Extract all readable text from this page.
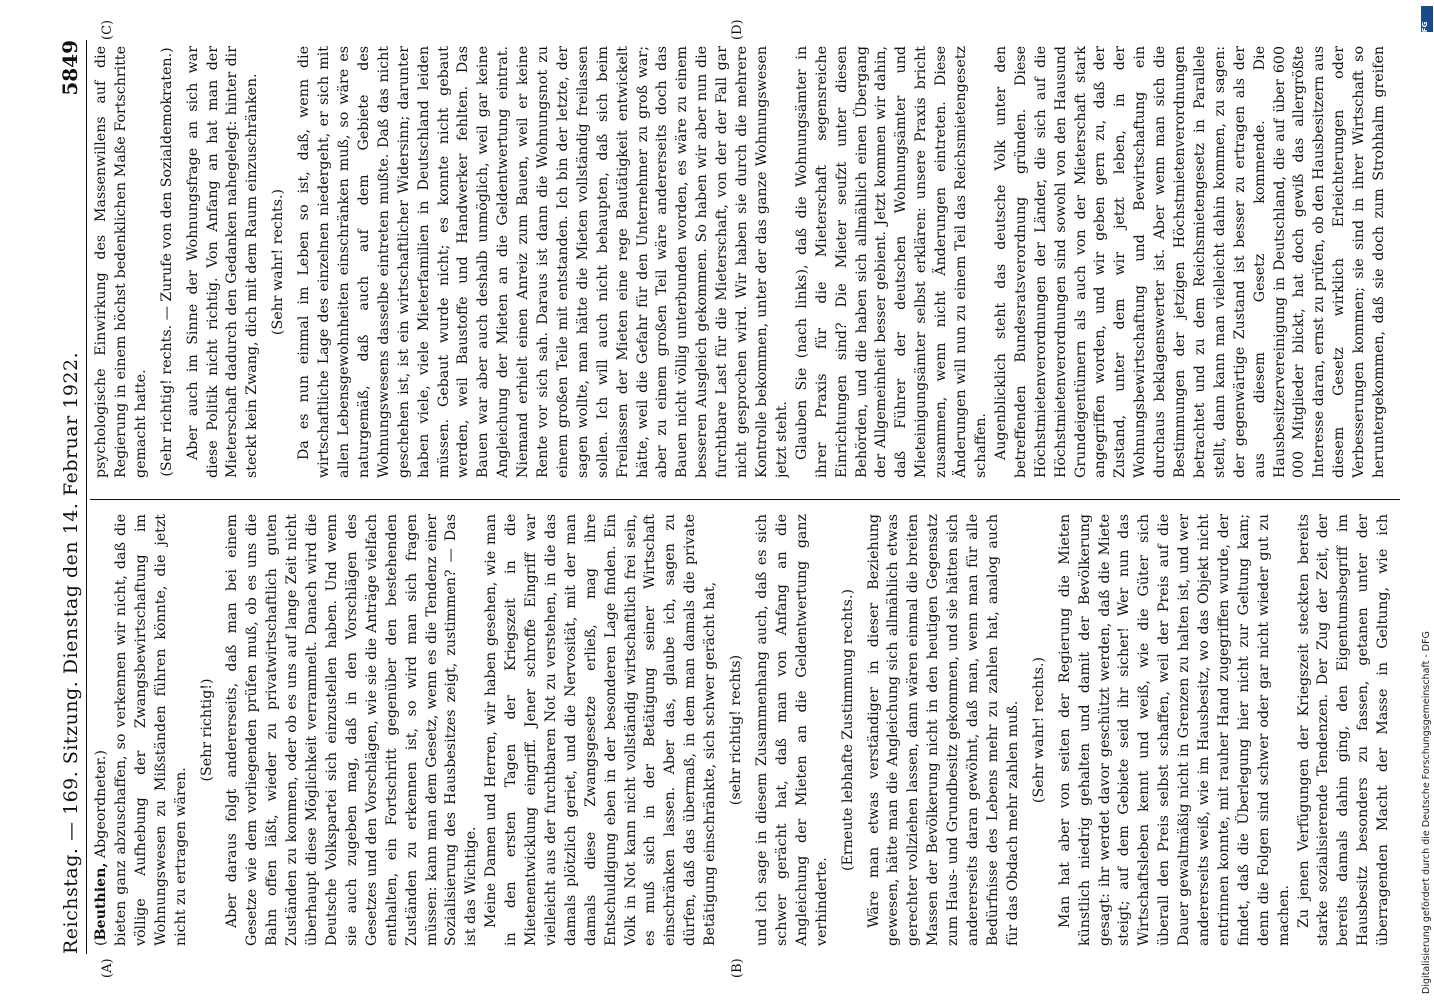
Reichstag. — 169. Sitzung. Dienstag den 14. Februar 1922.
5849
(A)	(B)
(C)	(D)

(Beuthien, Abgeordneter.) bieten ganz abzuschaffen, so verkennen wir nicht, daß die völlige Aufhebung der Zwangsbewirtschaftung im Wohnungswesen zu Mißständen führen könnte, die jetzt nicht zu ertragen wären.

(Sehr richtig!) Aber daraus folgt andererseits, daß man bei einem Gesetze wie dem vorliegenden prüfen muß, ob es uns die Bahn offen läßt, wieder zu privatwirtschaftlich guten Zuständen zu kommen, oder ob es uns auf lange Zeit nicht überhaupt diese Möglichkeit verrammelt. Danach wird die Deutsche Volkspartei sich einzustellen haben. Und wenn sie auch zugeben mag, daß in den Vorschlägen des Gesetzes und den Vorschlägen, wie sie die Anträge vielfach enthalten, ein Fortschritt gegenüber den bestehenden Zuständen zu erkennen ist, so wird man sich fragen müssen: kann man dem Gesetz, wenn es die Tendenz einer Sozialisierung des Hausbesitzes zeigt, zustimmen? — Das ist das Wichtige. Meine Damen und Herren, wir haben gesehen, wie man in den ersten Tagen der Kriegszeit in die Mietenentwicklung eingriff. Jener schroffe Eingriff war vielleicht aus der furchtbaren Not zu verstehen, in die das damals plötzlich geriet, und die Nervosität, mit der man damals diese Zwangsgesetze erließ, mag ihre Entschuldigung eben in der besonderen Lage finden. Ein Volk in Not kann nicht vollständig wirtschaftlich frei sein, es muß sich in der Betätigung seiner Wirtschaft einschränken lassen. Aber das, glaube ich, sagen zu dürfen, daß das übermaß, in dem man damals die private Betätigung einschränkte, sich schwer gerächt hat, (sehr richtig! rechts) und ich sage in diesem Zusammenhang auch, daß es sich schwer gerächt hat, daß man von Anfang an die Angleichung der Mieten an die Geldentwertung ganz verhinderte.

(Erneute lebhafte Zustimmung rechts.) Wäre man etwas verständiger in dieser Beziehung gewesen, hätte man die Angleichung sich allmählich etwas gerechter vollziehen lassen, dann wären einmal die breiten Massen der Bevölkerung nicht in den heutigen Gegensatz zum Haus- und Grundbesitz gekommen, und sie hätten sich andererseits daran gewöhnt, daß man, wenn man für alle Bedürfnisse des Lebens mehr zu zahlen hat, analog auch für das Obdach mehr zahlen muß. (Sehr wahr! rechts.) Man hat aber von seiten der Regierung die Mieten künstlich niedrig gehalten und damit der Bevölkerung gesagt: ihr werdet davor geschützt werden, daß die Miete steigt; auf dem Gebiete seid ihr sicher! Wer nun das Wirtschaftsleben kennt und weiß, wie die Güter sich überall den Preis selbst schaffen, weil der Preis auf die Dauer gewaltmäßig nicht in Grenzen zu halten ist, und wer andererseits weiß, wie im Hausbesitz, wo das Objekt nicht entrinnen konnte, mit rauher Hand zugegriffen wurde, der findet, daß die Überlegung hier nicht zur Geltung kam; denn die Folgen sind schwer oder gar nicht wieder gut zu machen. Zu jenen Verfügungen der Kriegszeit steckten bereits starke sozialisierende Tendenzen. Der Zug der Zeit, der bereits damals dahin ging, den Eigentumsbegriff im Hausbesitz besonders zu fassen, getanen unter der überragenden Macht der Masse in Geltung, wie ich

psychologische Einwirkung des Massenwillens auf die Regierung in einem höchst bedenklichen Maße Fortschritte gemacht hatte. (Sehr richtig! rechts. — Zurufe von den Sozialdemokraten.) Aber auch im Sinne der Wohnungsfrage an sich war diese Politik nicht richtig. Von Anfang an hat man der Mieterschaft dadurch den Gedanken nahegelegt: hinter dir steckt kein Zwang, dich mit dem Raum einzuschränken. (Sehr wahr! rechts.) Da es nun einmal im Leben so ist, daß, wenn die wirtschaftliche Lage des einzelnen niedergeht, er sich mit allen Lebensgewohnheiten einschränken muß, so wäre es naturgemäß, daß auch auf dem Gebiete des Wohnungswesens dasselbe eintreten mußte. Daß das nicht geschehen ist, ist ein wirtschaftlicher Widersinn; darunter haben viele, viele Mieterfamilien in Deutschland leiden müssen. Gebaut wurde nicht; es konnte nicht gebaut werden, weil Baustoffe und Handwerker fehlten. Das Bauen war aber auch deshalb unmöglich, weil gar keine Angleichung der Mieten an die Geldentwertung eintrat. Niemand erhielt einen Anreiz zum Bauen, weil er keine Rente vor sich sah. Daraus ist dann die Wohnungsnot zu einem großen Teile mit entstanden. Ich bin der letzte, der sagen wollte, man hätte die Mieten vollständig freilassen sollen. Ich will auch nicht behaupten, daß sich beim Freilassen der Mieten eine rege Bautätigkeit entwickelt hätte, weil die Gefahr für den Unternehmer zu groß war; aber zu einem großen Teil wäre andererseits doch das Bauen nicht völlig unterbunden worden, es wäre zu einem besseren Ausgleich gekommen. So haben wir aber nun die furchtbare Last für die Mieterschaft, von der der Fall gar nicht gesprochen wird. Wir haben sie durch die mehrere Kontrolle bekommen, unter der das ganze Wohnungswesen jetzt steht. Glauben Sie (nach links), daß die Wohnungsämter in ihrer Praxis für die Mieterschaft segensreiche Einrichtungen sind? Die Mieter seufzt unter diesen Behörden, und die haben sich allmählich einen Übergang der Allgemeinheit besser gebient. Jetzt kommen wir dahin, daß Führer der deutschen Wohnungsämter und Mieteinigungsämter selbst erklären: unsere Praxis bricht zusammen, wenn nicht Änderungen eintreten. Diese Änderungen will nun zu einem Teil das Reichsmietengesetz schaffen. Augenblicklich steht das deutsche Volk unter den betreffenden Bundesratsverordnung gründen. Diese Höchstmietenverordnungen der Länder, die sich auf die Höchstmietenverordnungen sind sowohl von den Hausund Grundeigentümern als auch von der Mieterschaft stark angegriffen worden, und wir geben gern zu, daß der Zustand, unter dem wir jetzt leben, in der Wohnungsbewirtschaftung und Bewirtschaftung ein durchaus beklagenswerter ist. Aber wenn man sich die Bestimmungen der jetzigen Höchstmietenverordnungen betrachtet und zu dem Reichsmietengesetz in Parallele stellt, dann kann man vielleicht dahin kommen, zu sagen: der gegenwärtige Zustand ist besser zu ertragen als der aus diesem Gesetz kommende. Die Hausbesitzervereinigung in Deutschland, die auf über 600 000 Mitglieder blickt, hat doch gewiß das allergrößte Interesse daran, ernst zu prüfen, ob den Hausbesitzern aus diesem Gesetz wirklich Erleichterungen oder Verbesserungen kommen; sie sind in ihrer Wirtschaft so heruntergekommen, daß sie doch zum Strohhalm greifen

Digitalisierung gefördert durch die Deutsche Forschungsgemeinschaft - DFG
DFG
